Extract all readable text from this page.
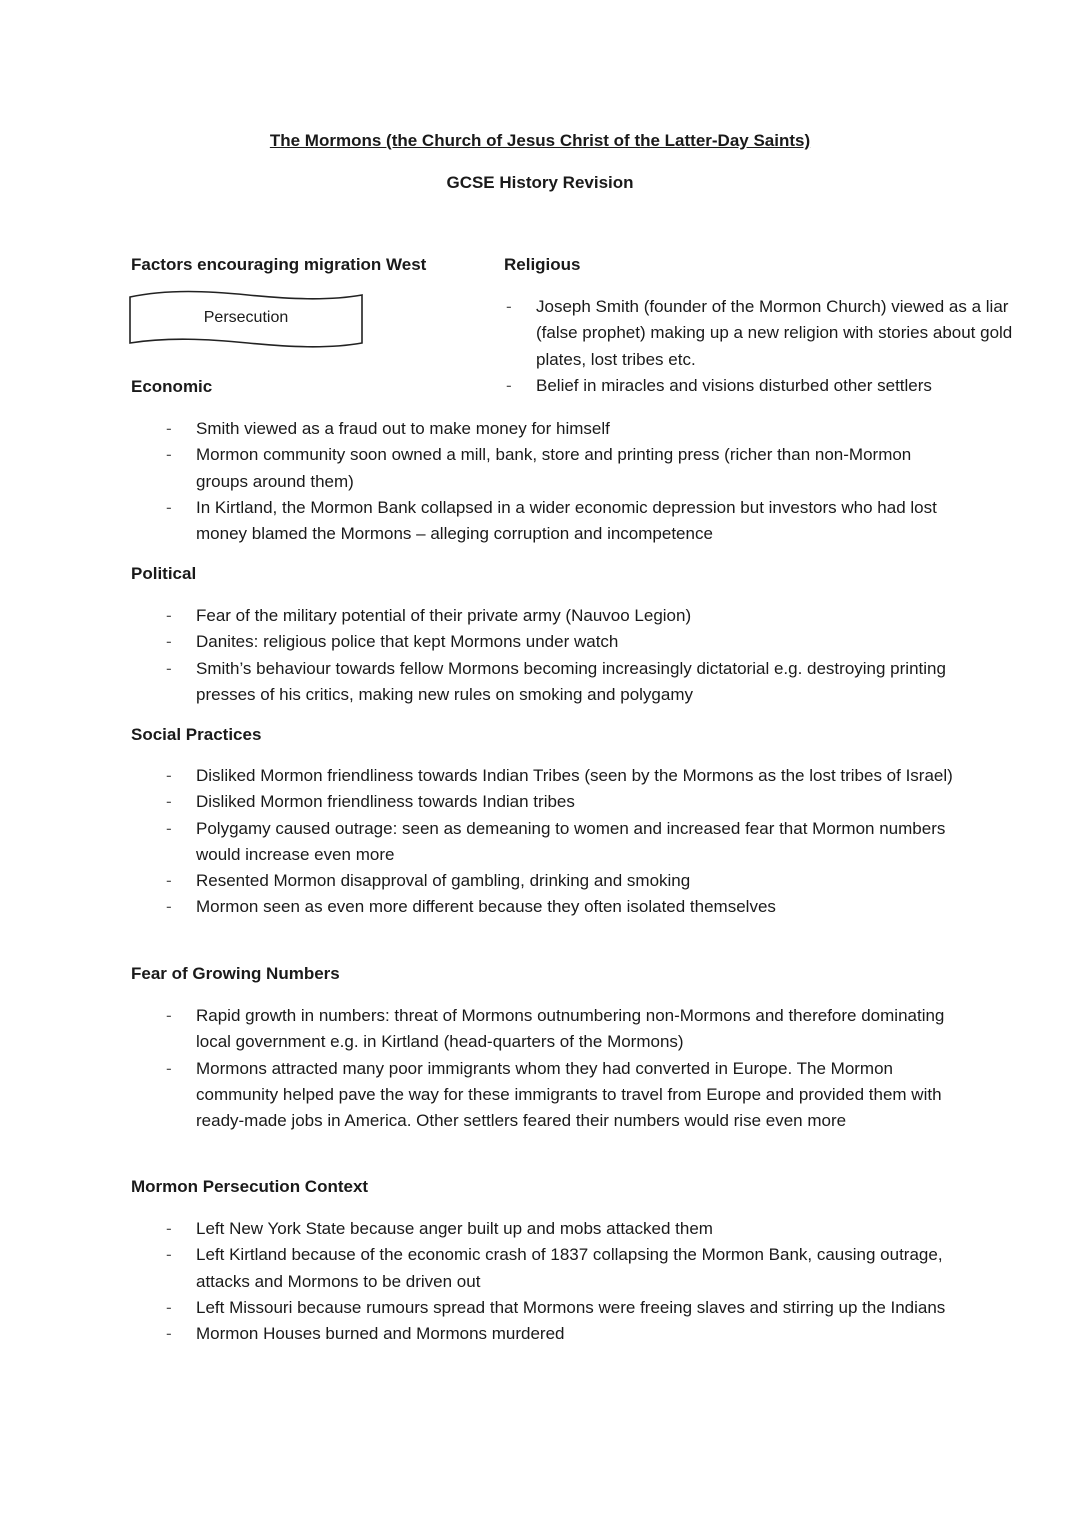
The Mormons (the Church of Jesus Christ of the Latter-Day Saints)
GCSE History Revision
Factors encouraging migration West
Persecution
Religious
- Joseph Smith (founder of the Mormon Church) viewed as a liar (false prophet) making up a new religion with stories about gold plates, lost tribes etc.
- Belief in miracles and visions disturbed other settlers
Economic
- Smith viewed as a fraud out to make money for himself
- Mormon community soon owned a mill, bank, store and printing press (richer than non-Mormon groups around them)
- In Kirtland, the Mormon Bank collapsed in a wider economic depression but investors who had lost money blamed the Mormons – alleging corruption and incompetence
Political
- Fear of the military potential of their private army (Nauvoo Legion)
- Danites: religious police that kept Mormons under watch
- Smith’s behaviour towards fellow Mormons becoming increasingly dictatorial e.g. destroying printing presses of his critics, making new rules on smoking and polygamy
Social Practices
- Disliked Mormon friendliness towards Indian Tribes (seen by the Mormons as the lost tribes of Israel)
- Disliked Mormon friendliness towards Indian tribes
- Polygamy caused outrage: seen as demeaning to women and increased fear that Mormon numbers would increase even more
- Resented Mormon disapproval of gambling, drinking and smoking
- Mormon seen as even more different because they often isolated themselves
Fear of Growing Numbers
- Rapid growth in numbers: threat of Mormons outnumbering non-Mormons and therefore dominating local government e.g. in Kirtland (head-quarters of the Mormons)
- Mormons attracted many poor immigrants whom they had converted in Europe. The Mormon community helped pave the way for these immigrants to travel from Europe and provided them with ready-made jobs in America. Other settlers feared their numbers would rise even more
Mormon Persecution Context
- Left New York State because anger built up and mobs attacked them
- Left Kirtland because of the economic crash of 1837 collapsing the Mormon Bank, causing outrage, attacks and Mormons to be driven out
- Left Missouri because rumours spread that Mormons were freeing slaves and stirring up the Indians
- Mormon Houses burned and Mormons murdered
